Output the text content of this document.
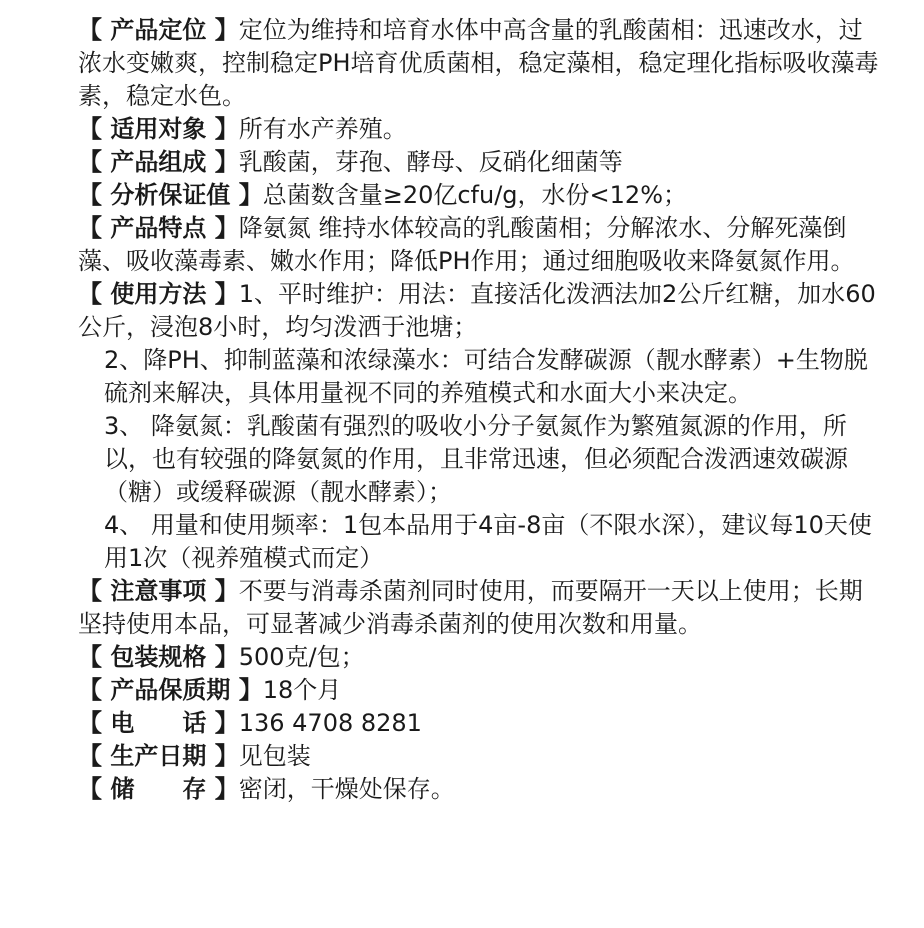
【 产品定位 】定位为维持和培育水体中高含量的乳酸菌相：迅速改水，过浓水变嫩爽，控制稳定PH培育优质菌相，稳定藻相，稳定理化指标吸收藻毒素，稳定水色。
【 适用对象 】所有水产养殖。
【 产品组成 】乳酸菌，芽孢、酵母、反硝化细菌等
【 分析保证值 】总菌数含量≥20亿cfu/g，水份<12%；
【 产品特点 】降氨氮 维持水体较高的乳酸菌相；分解浓水、分解死藻倒藻、吸收藻毒素、嫩水作用；降低PH作用；通过细胞吸收来降氨氮作用。
【 使用方法 】1、平时维护：用法：直接活化泼洒法加2公斤红糖，加水60公斤，浸泡8小时，均匀泼洒于池塘；
2、降PH、抑制蓝藻和浓绿藻水：可结合发酵碳源（靓水酵素）+生物脱硫剂来解决，具体用量视不同的养殖模式和水面大小来决定。
3、 降氨氮：乳酸菌有强烈的吸收小分子氨氮作为繁殖氮源的作用，所以，也有较强的降氨氮的作用，且非常迅速，但必须配合泼洒速效碳源（糖）或缓释碳源（靓水酵素）；
4、 用量和使用频率：1包本品用于4亩-8亩（不限水深），建议每10天使用1次（视养殖模式而定）
【 注意事项 】不要与消毒杀菌剂同时使用，而要隔开一天以上使用；长期坚持使用本品，可显著减少消毒杀菌剂的使用次数和用量。
【 包装规格 】500克/包；
【 产品保质期 】18个月
【 电　　话 】136 4708 8281
【 生产日期 】见包装
【 储　　存 】密闭，干燥处保存。
